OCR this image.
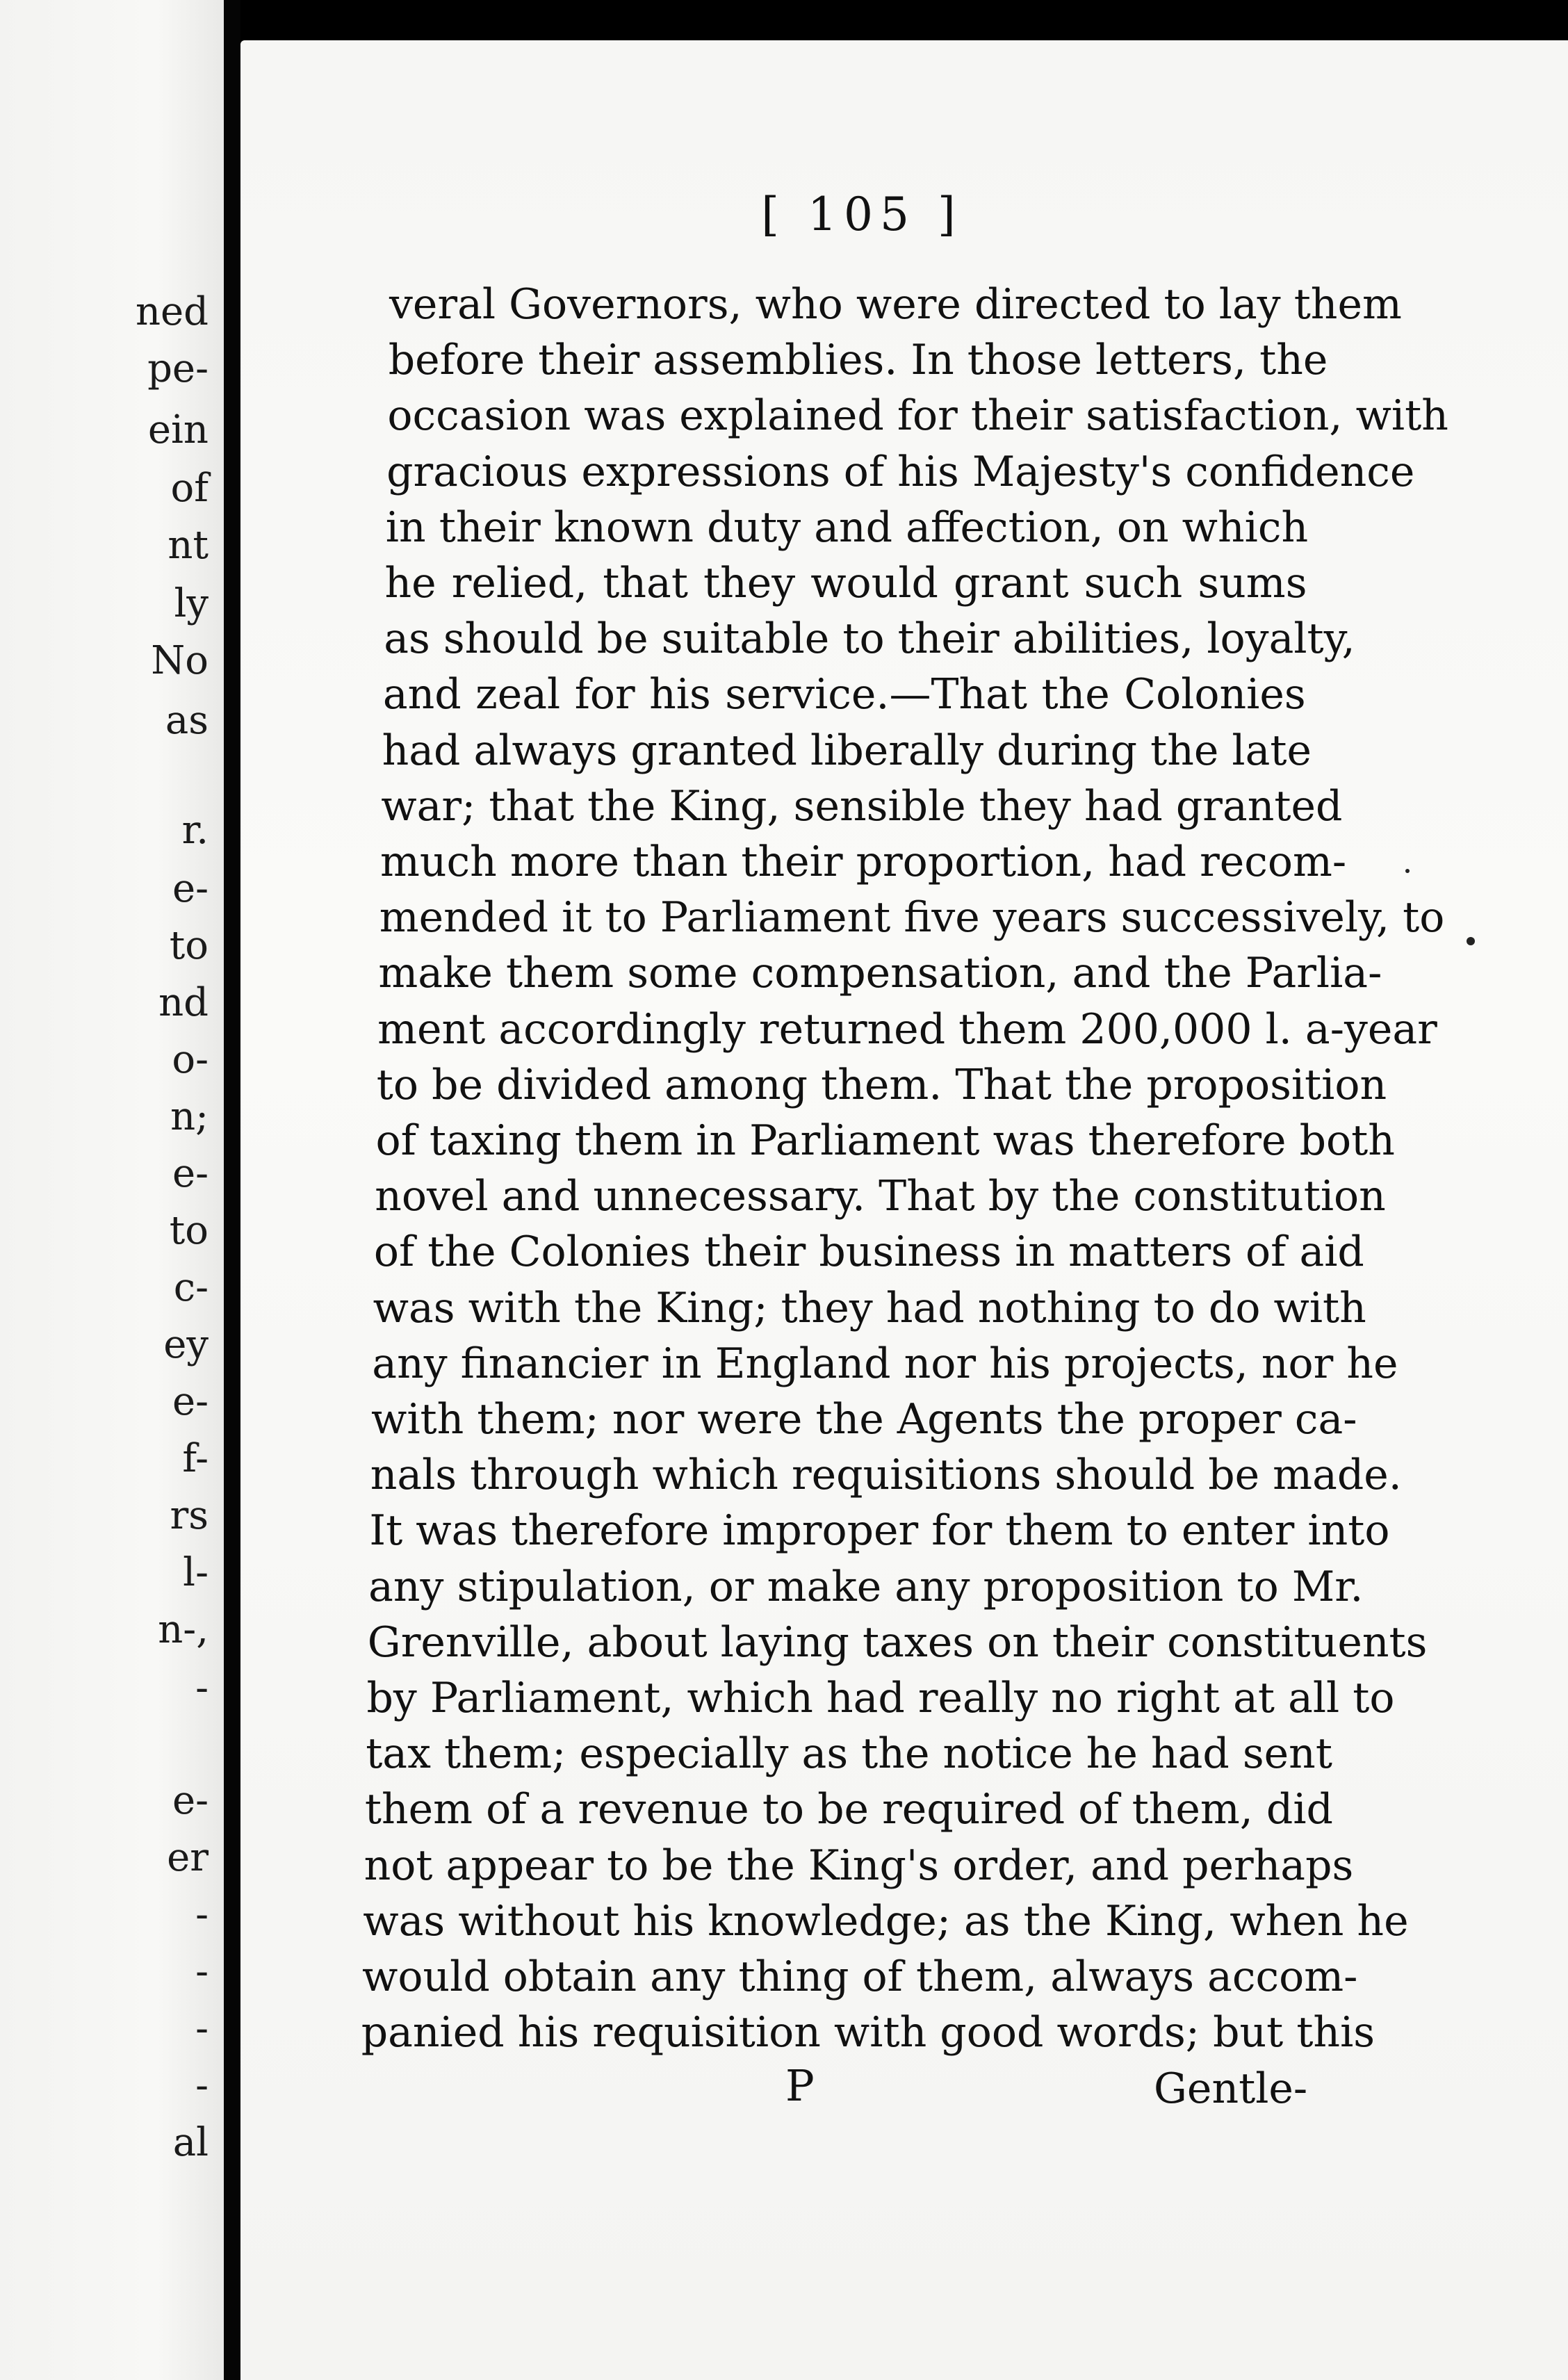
ned
pe-
ein
of
nt
ly
No
as
r.
e-
to
nd
o-
n;
e-
to
c-
ey
e-
f-
rs
l-
n-,
-
e-
er
-
-
-
-
al
[ 105 ]
veral Governors, who were directed to lay them
before their assemblies. In those letters, the
occasion was explained for their satisfaction, with
gracious expressions of his Majesty's confidence
in their known duty and affection, on which
he relied, that they would grant such sums
as should be suitable to their abilities, loyalty,
and zeal for his service.—That the Colonies
had always granted liberally during the late
war; that the King, sensible they had granted
much more than their proportion, had recom-
mended it to Parliament five years successively, to
make them some compensation, and the Parlia-
ment accordingly returned them 200,000 l. a-year
to be divided among them. That the proposition
of taxing them in Parliament was therefore both
novel and unnecessary. That by the constitution
of the Colonies their business in matters of aid
was with the King; they had nothing to do with
any financier in England nor his projects, nor he
with them; nor were the Agents the proper ca-
nals through which requisitions should be made.
It was therefore improper for them to enter into
any stipulation, or make any proposition to Mr.
Grenville, about laying taxes on their constituents
by Parliament, which had really no right at all to
tax them; especially as the notice he had sent
them of a revenue to be required of them, did
not appear to be the King's order, and perhaps
was without his knowledge; as the King, when he
would obtain any thing of them, always accom-
panied his requisition with good words; but this
P	Gentle-
